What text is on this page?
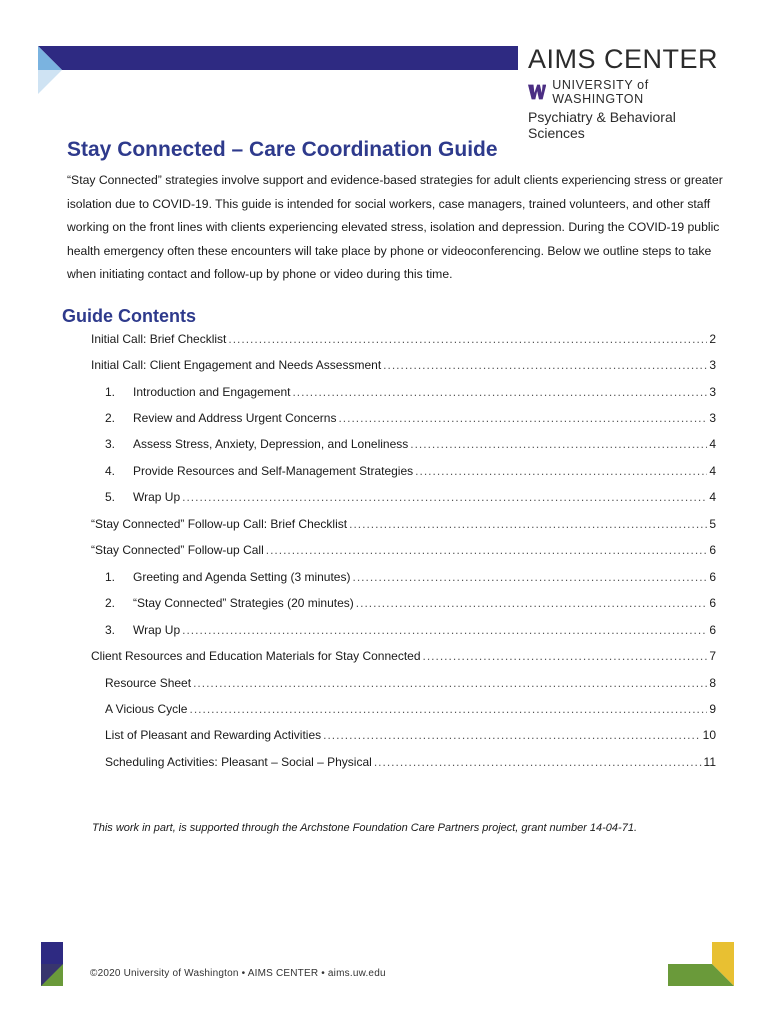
AIMS CENTER
UNIVERSITY of WASHINGTON
Psychiatry & Behavioral Sciences
Stay Connected – Care Coordination Guide

“Stay Connected” strategies involve support and evidence-based strategies for adult clients experiencing stress or greater isolation due to COVID-19. This guide is intended for social workers, case managers, trained volunteers, and other staff working on the front lines with clients experiencing elevated stress, isolation and depression. During the COVID-19 public health emergency often these encounters will take place by phone or videoconferencing. Below we outline steps to take when initiating contact and follow-up by phone or video during this time.

Guide Contents
Initial Call: Brief Checklist .....	2
Initial Call: Client Engagement and Needs Assessment .....	3
1.	Introduction and Engagement .....	3
2.	Review and Address Urgent Concerns .....	3
3.	Assess Stress, Anxiety, Depression, and Loneliness .....	4
4.	Provide Resources and Self-Management Strategies .....	4
5.	Wrap Up .....	4
“Stay Connected” Follow-up Call: Brief Checklist .....	5
“Stay Connected” Follow-up Call .....	6
1.	Greeting and Agenda Setting (3 minutes) .....	6
2.	“Stay Connected” Strategies (20 minutes) .....	6
3.	Wrap Up .....	6
Client Resources and Education Materials for Stay Connected .....	7
Resource Sheet .....	8
A Vicious Cycle .....	9
List of Pleasant and Rewarding Activities .....	10
Scheduling Activities: Pleasant – Social – Physical .....	11

This work in part, is supported through the Archstone Foundation Care Partners project, grant number 14-04-71.

©2020 University of Washington • AIMS CENTER • aims.uw.edu
